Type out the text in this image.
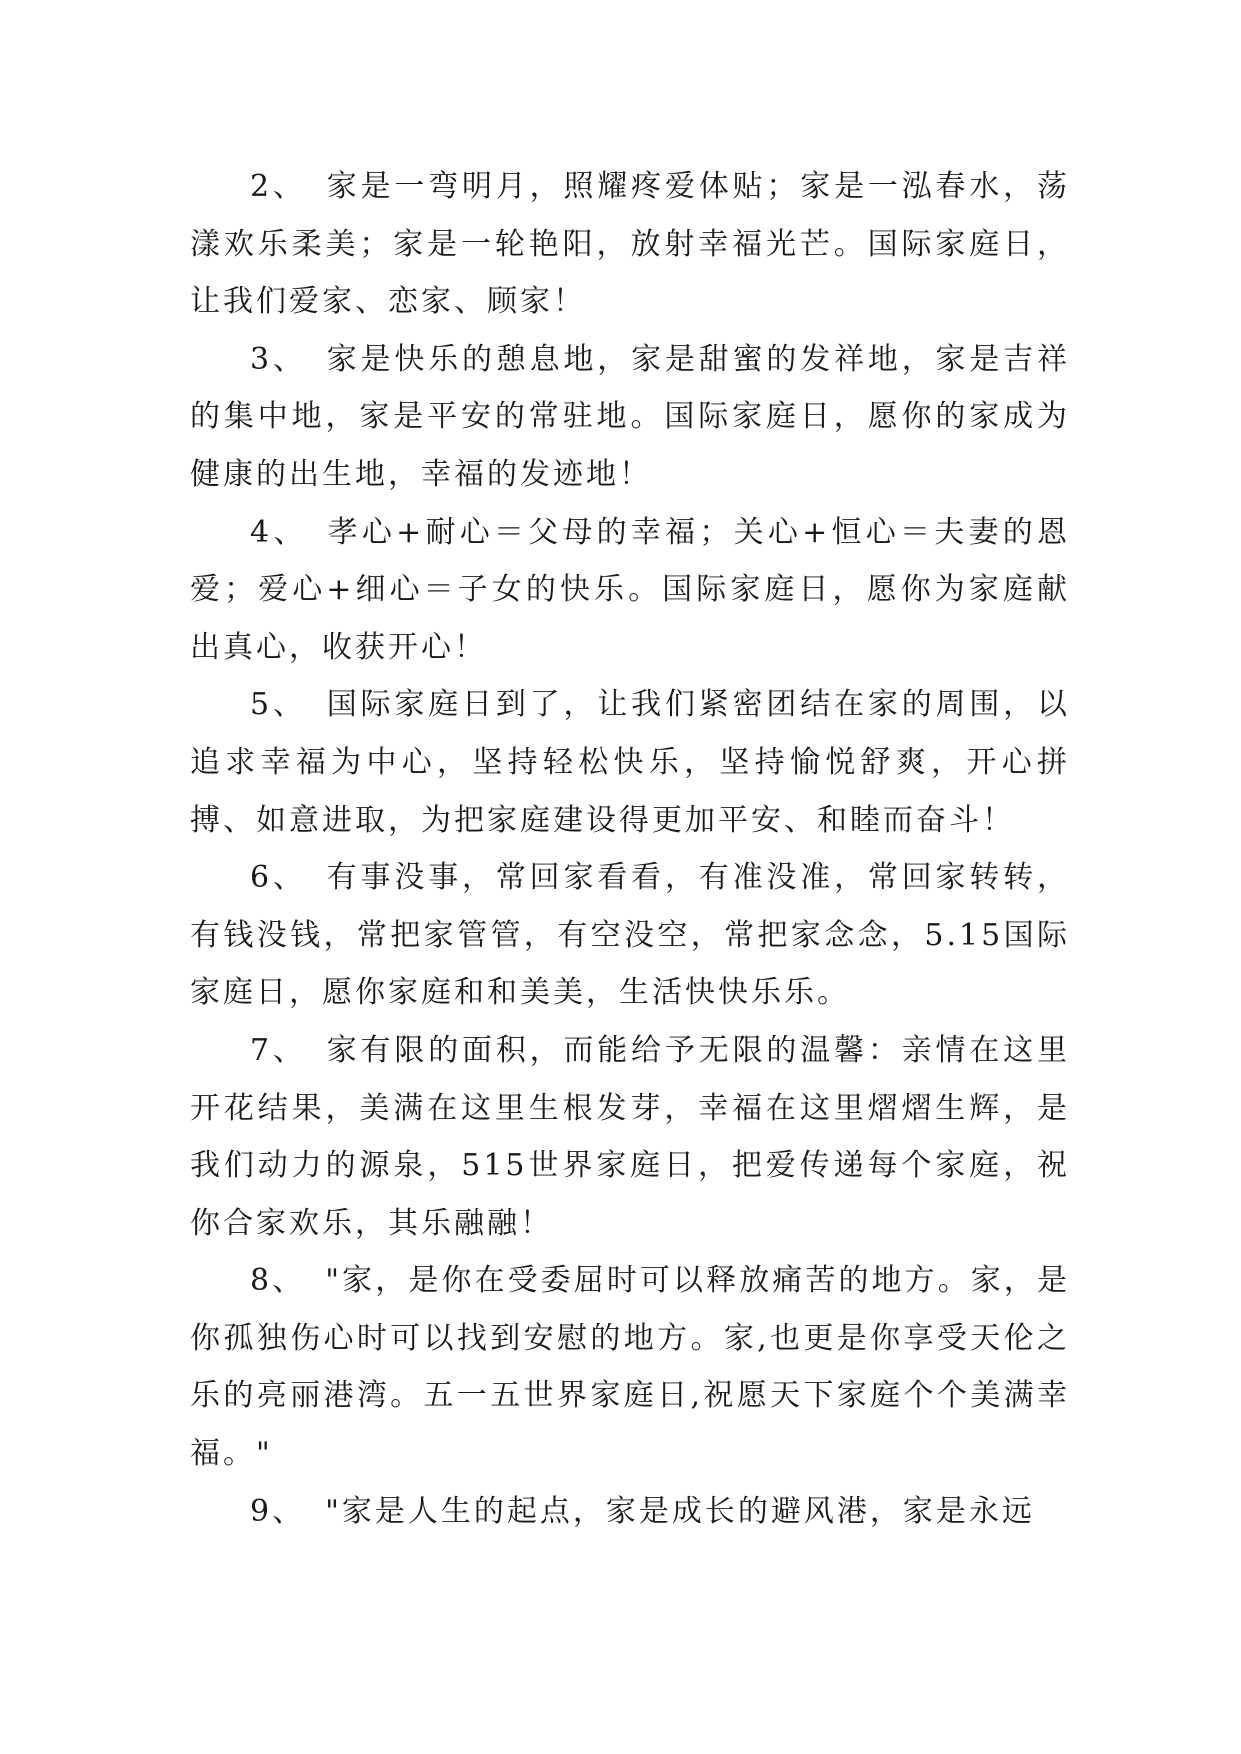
2、 家是一弯明月，照耀疼爱体贴；家是一泓春水，荡漾欢乐柔美；家是一轮艳阳，放射幸福光芒。国际家庭日，让我们爱家、恋家、顾家！

3、 家是快乐的憩息地，家是甜蜜的发祥地，家是吉祥的集中地，家是平安的常驻地。国际家庭日，愿你的家成为健康的出生地，幸福的发迹地！

4、 孝心+耐心＝父母的幸福；关心+恒心＝夫妻的恩爱；爱心+细心＝子女的快乐。国际家庭日，愿你为家庭献出真心，收获开心！

5、 国际家庭日到了，让我们紧密团结在家的周围，以追求幸福为中心，坚持轻松快乐，坚持愉悦舒爽，开心拼搏、如意进取，为把家庭建设得更加平安、和睦而奋斗！

6、 有事没事，常回家看看，有准没准，常回家转转，有钱没钱，常把家管管，有空没空，常把家念念，5.15国际家庭日，愿你家庭和和美美，生活快快乐乐。

7、 家有限的面积，而能给予无限的温馨：亲情在这里开花结果，美满在这里生根发芽，幸福在这里熠熠生辉，是我们动力的源泉，515世界家庭日，把爱传递每个家庭，祝你合家欢乐，其乐融融！

8、 "家，是你在受委屈时可以释放痛苦的地方。家，是你孤独伤心时可以找到安慰的地方。家,也更是你享受天伦之乐的亮丽港湾。五一五世界家庭日,祝愿天下家庭个个美满幸福。"

9、 "家是人生的起点，家是成长的避风港，家是永远
